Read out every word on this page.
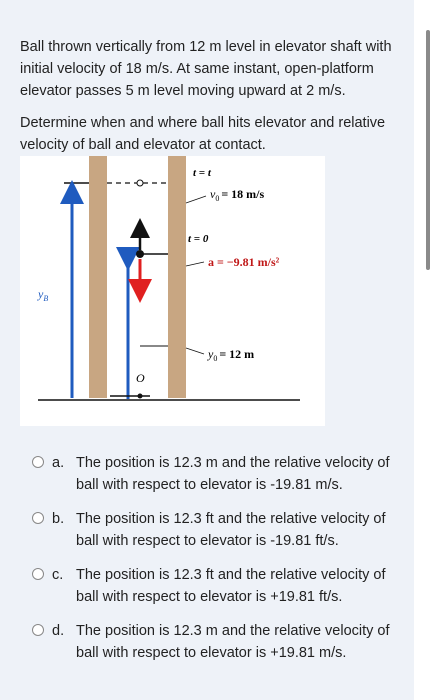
Ball thrown vertically from 12 m level in elevator shaft with initial velocity of 18 m/s. At same instant, open-platform elevator passes 5 m level moving upward at 2 m/s.

Determine when and where ball hits elevator and relative velocity of ball and elevator at contact.

t = t
$v_0 = 18$ m/s
t = 0
a = −9.81 m/s²
$y_B$
$y_0 = 12$ m
O
a. The position is 12.3 m and the relative velocity of ball with respect to elevator is -19.81 m/s.

b. The position is 12.3 ft and the relative velocity of ball with respect to elevator is -19.81 ft/s.

c. The position is 12.3 ft and the relative velocity of ball with respect to elevator is +19.81 ft/s.

d. The position is 12.3 m and the relative velocity of ball with respect to elevator is +19.81 m/s.
